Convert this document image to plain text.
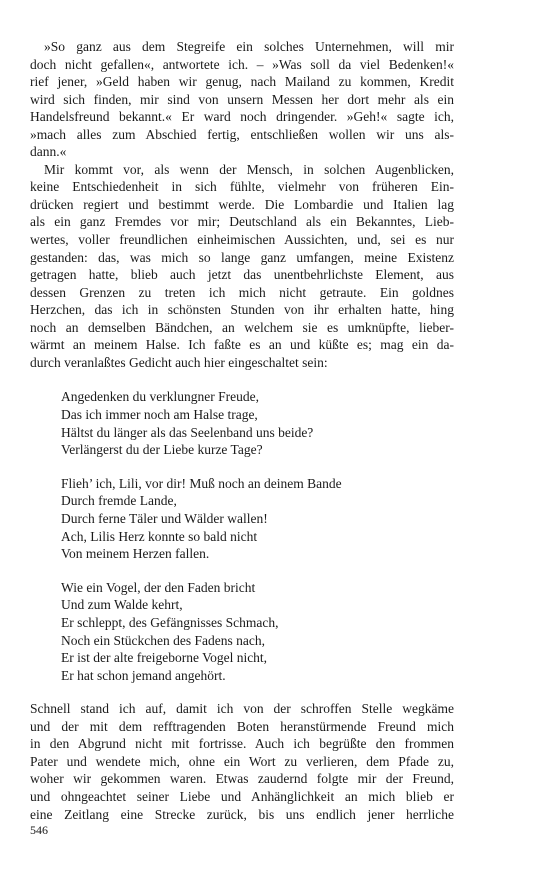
»So ganz aus dem Stegreife ein solches Unternehmen, will mir
doch nicht gefallen«, antwortete ich. – »Was soll da viel Bedenken!«
rief jener, »Geld haben wir genug, nach Mailand zu kommen, Kredit
wird sich finden, mir sind von unsern Messen her dort mehr als ein
Handelsfreund bekannt.« Er ward noch dringender. »Geh!« sagte ich,
»mach alles zum Abschied fertig, entschließen wollen wir uns als-
dann.«

Mir kommt vor, als wenn der Mensch, in solchen Augenblicken,
keine Entschiedenheit in sich fühlte, vielmehr von früheren Ein-
drücken regiert und bestimmt werde. Die Lombardie und Italien lag
als ein ganz Fremdes vor mir; Deutschland als ein Bekanntes, Lieb-
wertes, voller freundlichen einheimischen Aussichten, und, sei es nur
gestanden: das, was mich so lange ganz umfangen, meine Existenz
getragen hatte, blieb auch jetzt das unentbehrlichste Element, aus
dessen Grenzen zu treten ich mich nicht getraute. Ein goldnes
Herzchen, das ich in schönsten Stunden von ihr erhalten hatte, hing
noch an demselben Bändchen, an welchem sie es umknüpfte, lieber-
wärmt an meinem Halse. Ich faßte es an und küßte es; mag ein da-
durch veranlaßtes Gedicht auch hier eingeschaltet sein:

Angedenken du verklungner Freude,
Das ich immer noch am Halse trage,
Hältst du länger als das Seelenband uns beide?
Verlängerst du der Liebe kurze Tage?
Flieh’ ich, Lili, vor dir! Muß noch an deinem Bande
Durch fremde Lande,
Durch ferne Täler und Wälder wallen!
Ach, Lilis Herz konnte so bald nicht
Von meinem Herzen fallen.
Wie ein Vogel, der den Faden bricht
Und zum Walde kehrt,
Er schleppt, des Gefängnisses Schmach,
Noch ein Stückchen des Fadens nach,
Er ist der alte freigeborne Vogel nicht,
Er hat schon jemand angehört.

Schnell stand ich auf, damit ich von der schroffen Stelle wegkäme
und der mit dem refftragenden Boten heranstürmende Freund mich
in den Abgrund nicht mit fortrisse. Auch ich begrüßte den frommen
Pater und wendete mich, ohne ein Wort zu verlieren, dem Pfade zu,
woher wir gekommen waren. Etwas zaudernd folgte mir der Freund,
und ohngeachtet seiner Liebe und Anhänglichkeit an mich blieb er
eine Zeitlang eine Strecke zurück, bis uns endlich jener herrliche

546
